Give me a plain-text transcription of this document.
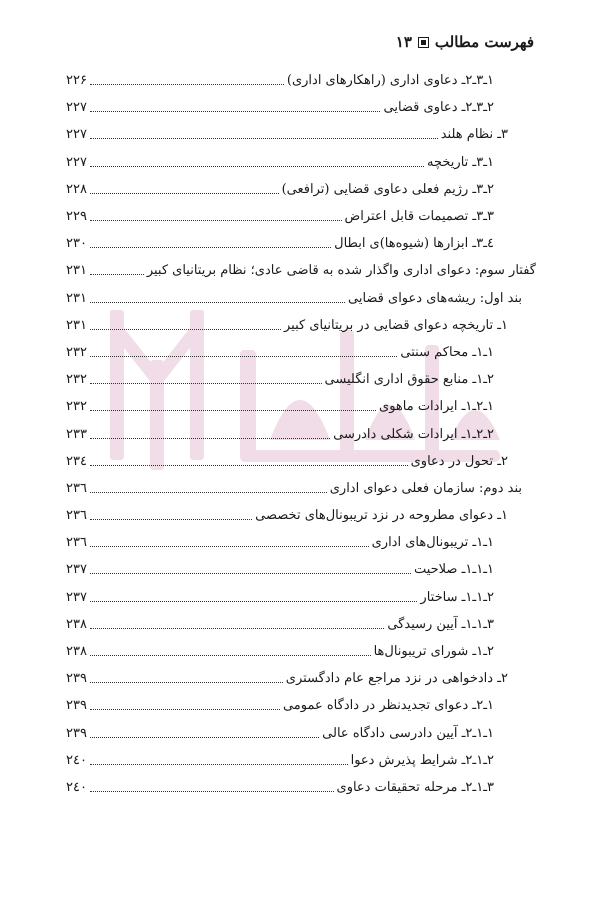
فهرست مطالب
۱۳
۱ـ۳ـ۲ـ دعاوی اداری (راهکارهای اداری)
۲۲۶
۲ـ۳ـ۲ـ دعاوی قضایی
۲۲۷
۳ـ نظام هلند
۲۲۷
۱ـ۳ـ تاریخچه
۲۲۷
۲ـ۳ـ رژیم فعلی دعاوی قضایی (ترافعی)
۲۲۸
۳ـ۳ـ تصمیمات قابل اعتراض
۲۲۹
٤ـ۳ـ ابزارها (شیوه‌ها)ی ابطال
۲۳۰
گفتار سوم: دعوای اداری واگذار شده به قاضی عادی؛ نظام بریتانیای کبیر
۲۳۱
بند اول: ریشه‌های دعوای قضایی
۲۳۱
۱ـ تاریخچه دعوای قضایی در بریتانیای کبیر
۲۳۱
۱ـ۱ـ محاکم سنتی
۲۳۲
۲ـ۱ـ منابع حقوق اداری انگلیسی
۲۳۲
۱ـ۲ـ۱ـ ایرادات ماهوی
۲۳۲
۲ـ۲ـ۱ـ ایرادات شکلی دادرسی
۲۳۳
۲ـ تحول در دعاوی
۲۳٤
بند دوم: سازمان فعلی دعوای اداری
۲۳٦
۱ـ دعوای مطروحه در نزد تریبونال‌های تخصصی
۲۳٦
۱ـ۱ـ تریبونال‌های اداری
۲۳٦
۱ـ۱ـ۱ـ صلاحیت
۲۳۷
۲ـ۱ـ۱ـ ساختار
۲۳۷
۳ـ۱ـ۱ـ آیین رسیدگی
۲۳۸
۲ـ۱ـ شورای تریبونال‌ها
۲۳۸
۲ـ دادخواهی در نزد مراجع عام دادگستری
۲۳۹
۱ـ۲ـ دعوای تجدیدنظر در دادگاه عمومی
۲۳۹
۱ـ۱ـ۲ـ آیین دادرسی دادگاه عالی
۲۳۹
۲ـ۱ـ۲ـ شرایط پذیرش دعوا
۲٤۰
۳ـ۱ـ۲ـ مرحله تحقیقات دعاوی
۲٤۰
